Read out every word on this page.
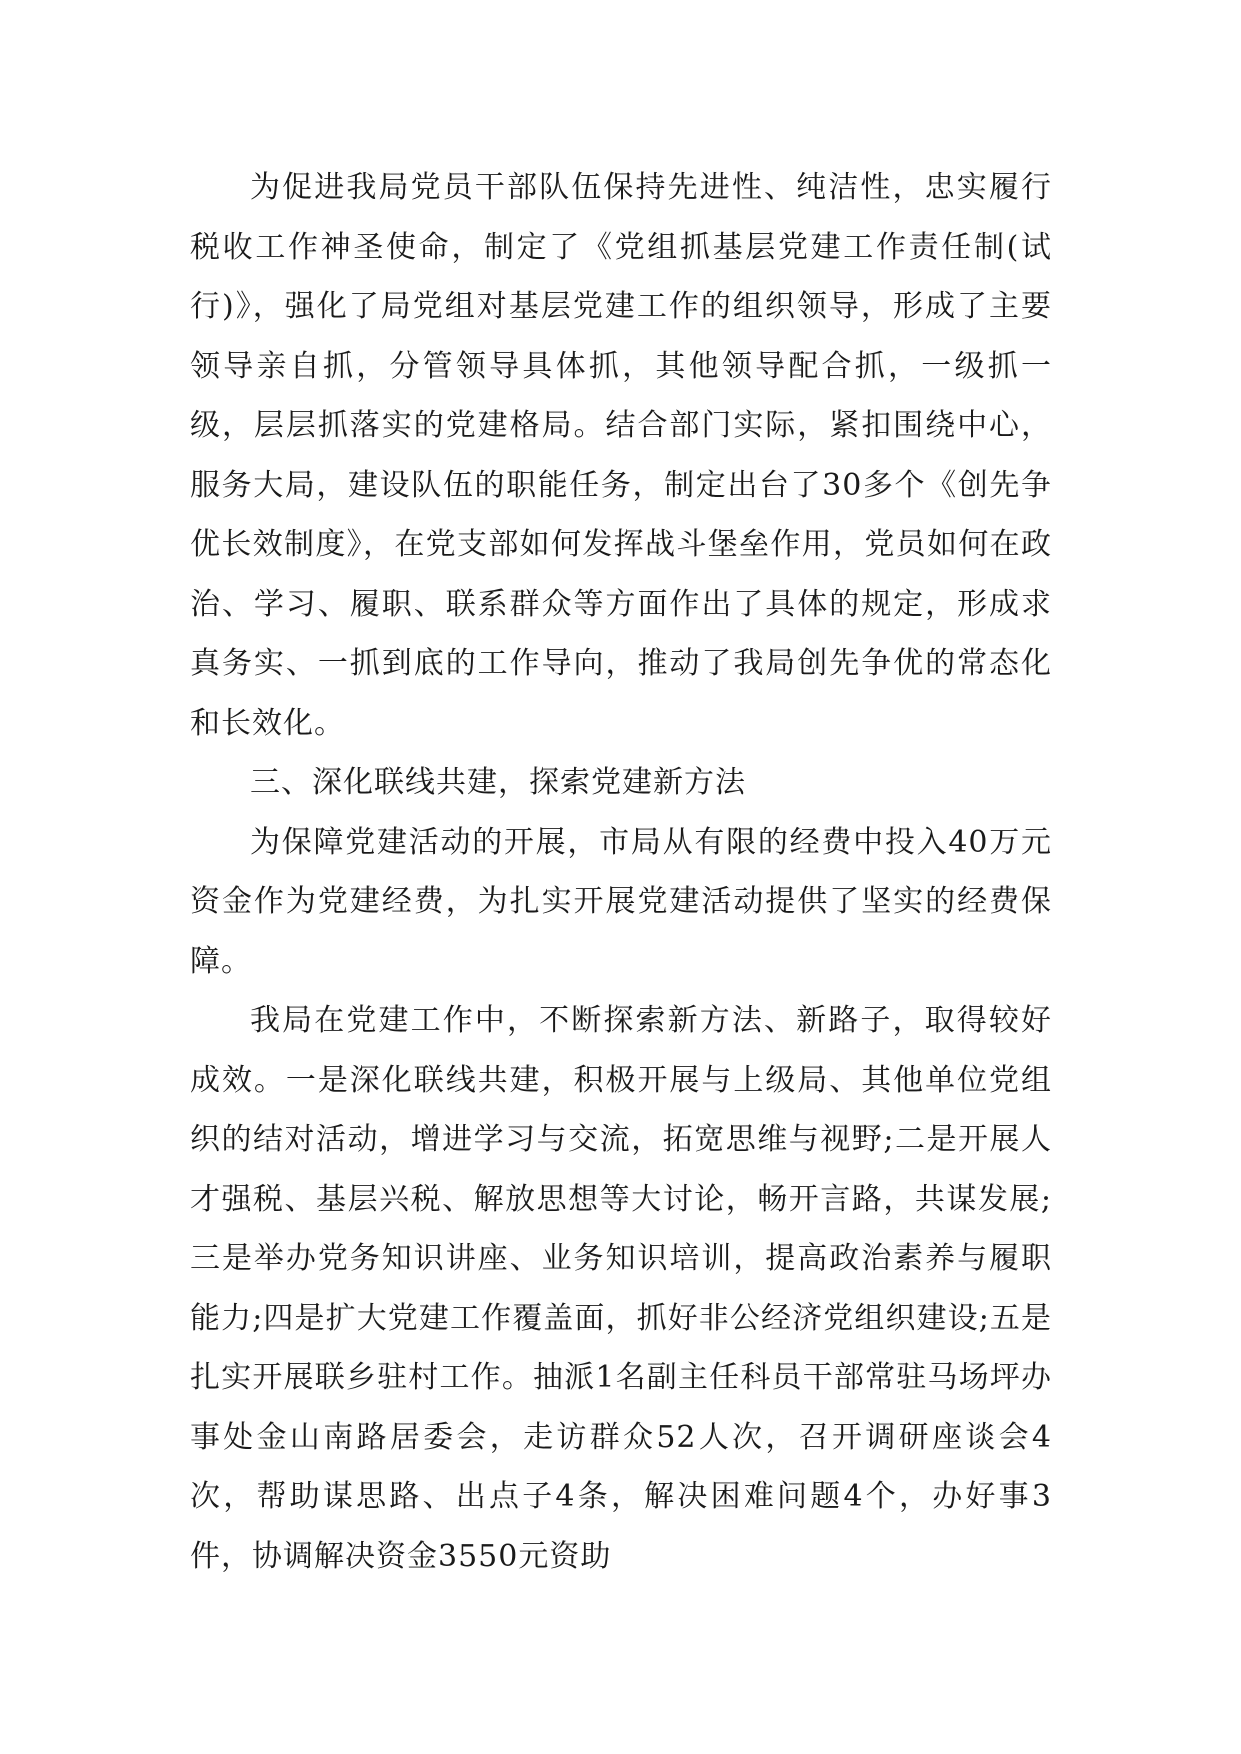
为促进我局党员干部队伍保持先进性、纯洁性，忠实履行税收工作神圣使命，制定了《党组抓基层党建工作责任制(试行)》，强化了局党组对基层党建工作的组织领导，形成了主要领导亲自抓，分管领导具体抓，其他领导配合抓，一级抓一级，层层抓落实的党建格局。结合部门实际，紧扣围绕中心，服务大局，建设队伍的职能任务，制定出台了30多个《创先争优长效制度》，在党支部如何发挥战斗堡垒作用，党员如何在政治、学习、履职、联系群众等方面作出了具体的规定，形成求真务实、一抓到底的工作导向，推动了我局创先争优的常态化和长效化。

三、深化联线共建，探索党建新方法

为保障党建活动的开展，市局从有限的经费中投入40万元资金作为党建经费，为扎实开展党建活动提供了坚实的经费保障。

我局在党建工作中，不断探索新方法、新路子，取得较好成效。一是深化联线共建，积极开展与上级局、其他单位党组织的结对活动，增进学习与交流，拓宽思维与视野;二是开展人才强税、基层兴税、解放思想等大讨论，畅开言路，共谋发展;三是举办党务知识讲座、业务知识培训，提高政治素养与履职能力;四是扩大党建工作覆盖面，抓好非公经济党组织建设;五是扎实开展联乡驻村工作。抽派1名副主任科员干部常驻马场坪办事处金山南路居委会，走访群众52人次，召开调研座谈会4次，帮助谋思路、出点子4条，解决困难问题4个，办好事3件，协调解决资金3550元资助
